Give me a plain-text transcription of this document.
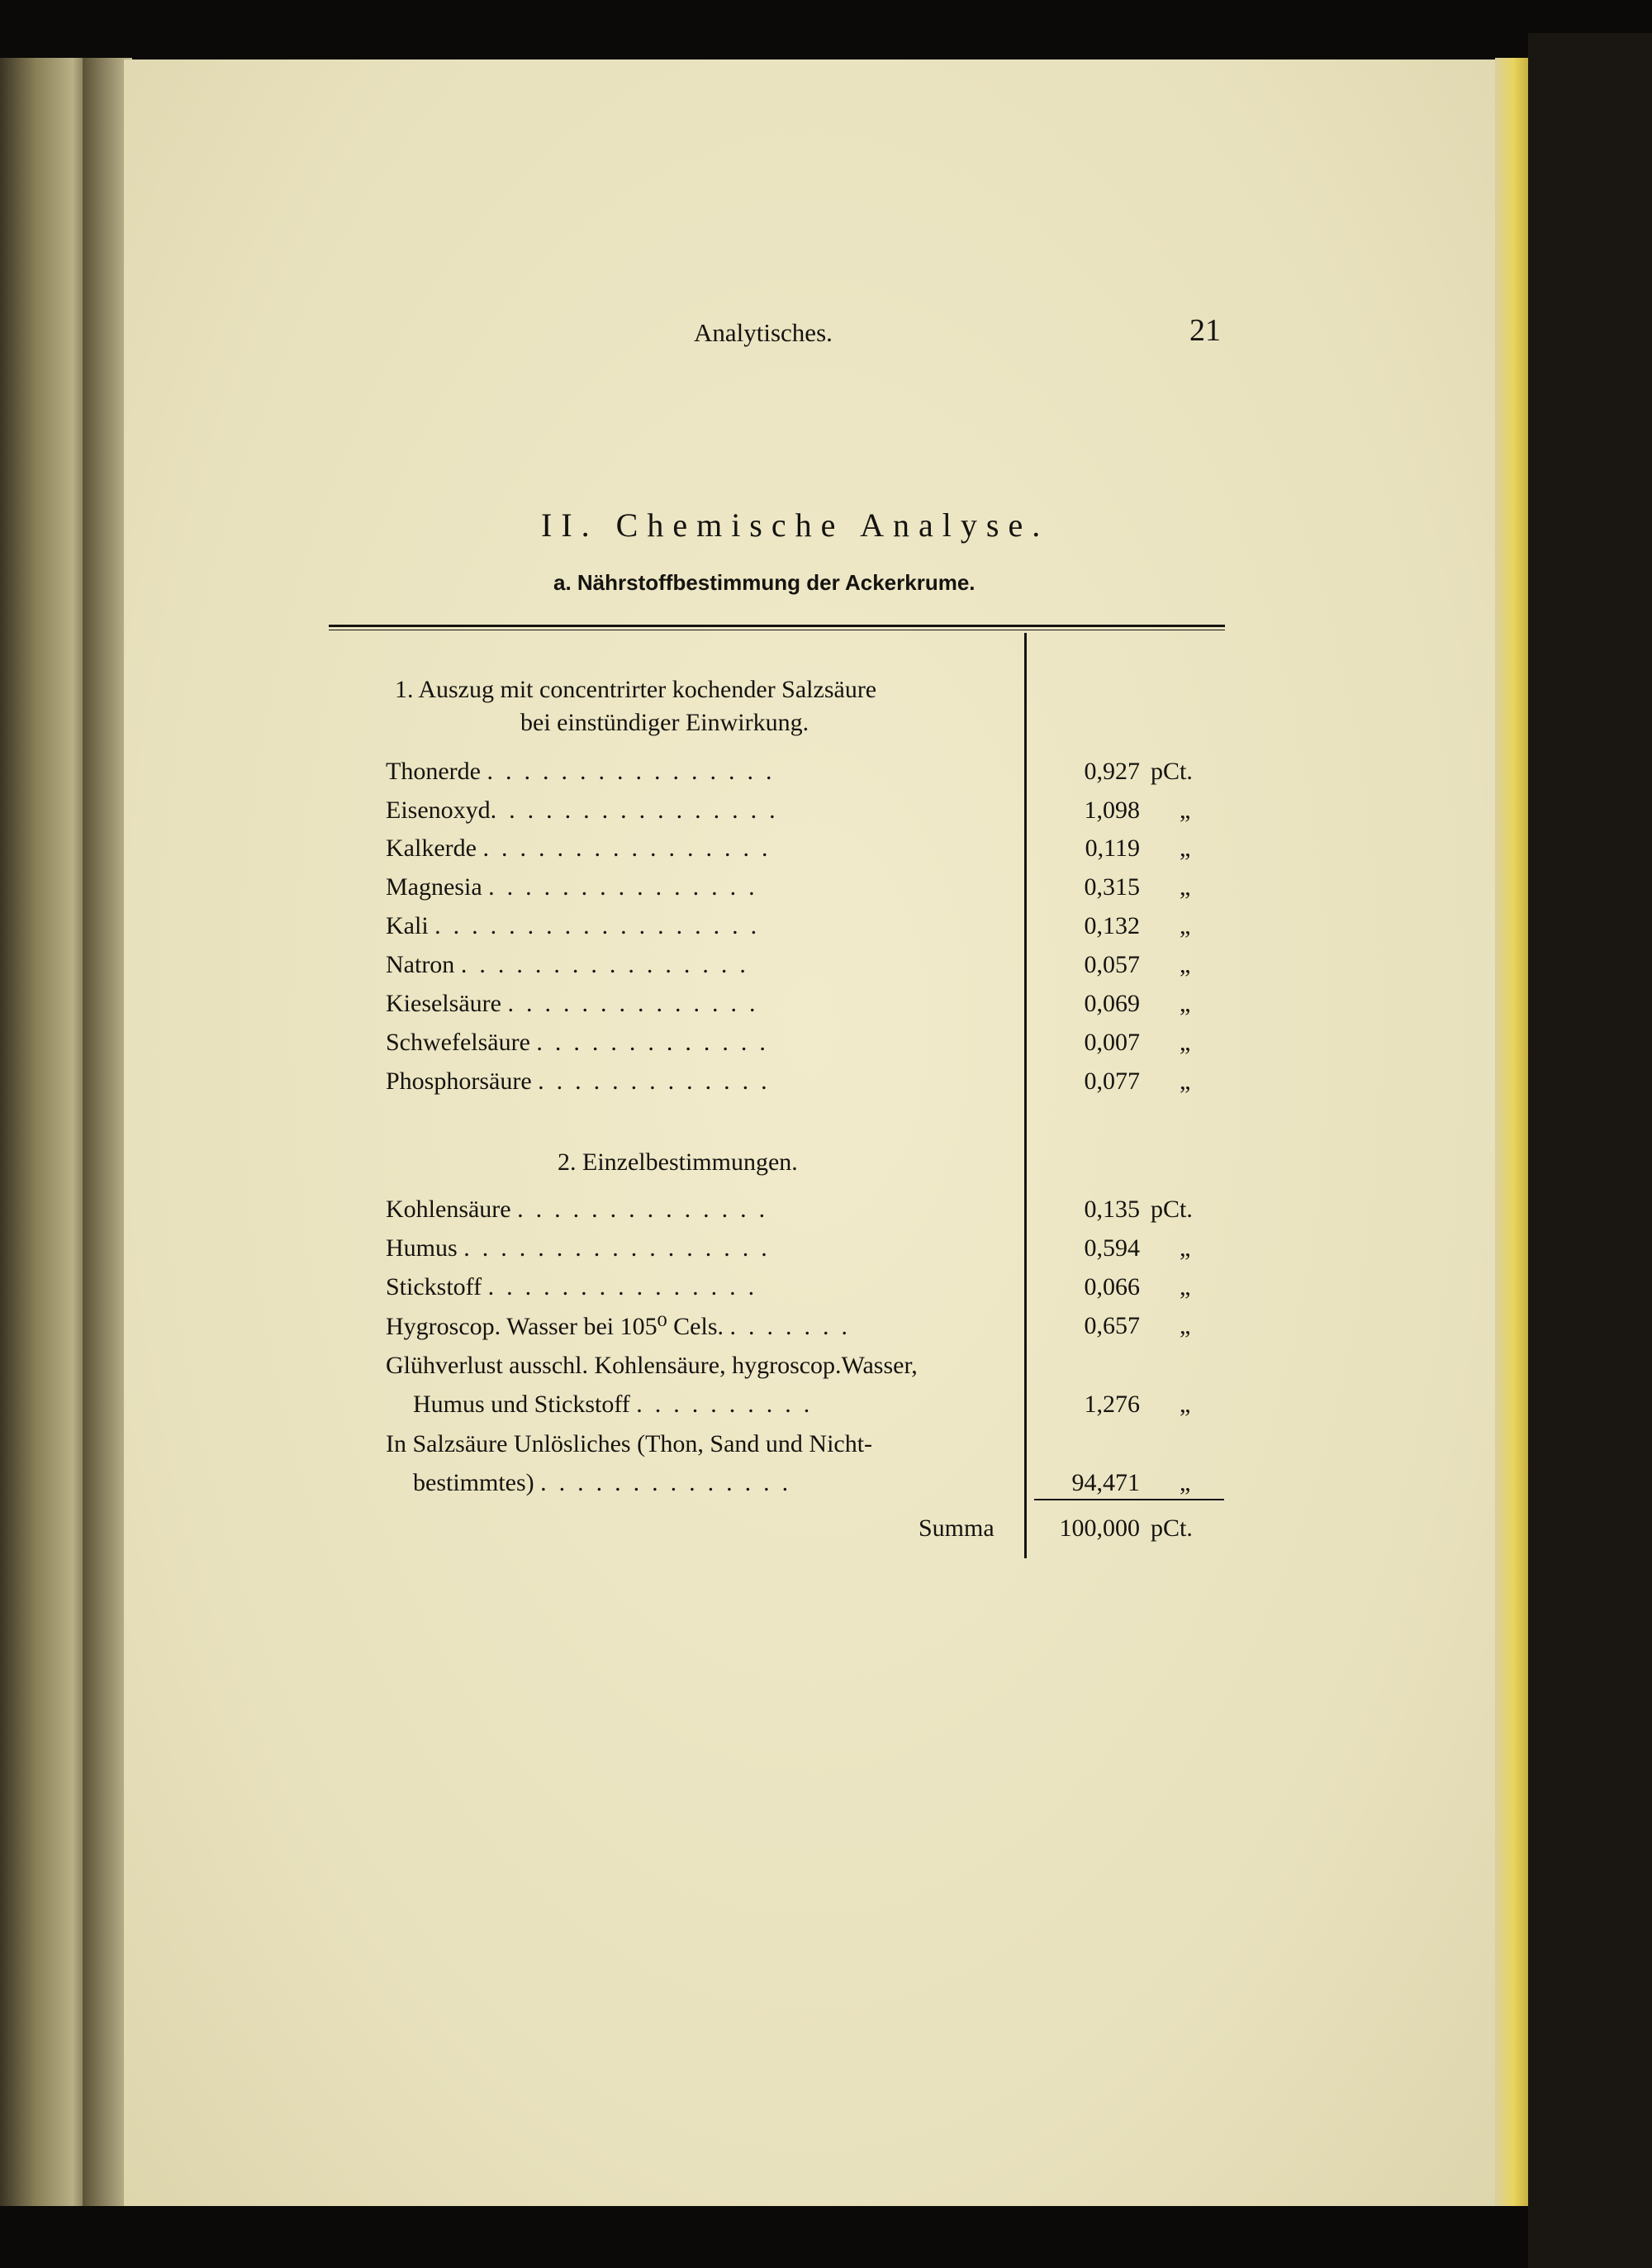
Analytisches.	21
II. Chemische Analyse.
a. Nährstoffbestimmung der Ackerkrume.
1. Auszug mit concentrirter kochender Salzsäure
bei einstündiger Einwirkung.
Thonerde ................	0,927 pCt.
Eisenoxyd................	1,098 „
Kalkerde ................	0,119 „
Magnesia ...............	0,315 „
Kali ..................	0,132 „
Natron ................	0,057 „
Kieselsäure ..............	0,069 „
Schwefelsäure .............	0,007 „
Phosphorsäure .............	0,077 „
2. Einzelbestimmungen.
Kohlensäure ..............	0,135 pCt.
Humus .................	0,594 „
Stickstoff ...............	0,066 „
Hygroscop. Wasser bei 105⁰ Cels. .......	0,657 „
Glühverlust ausschl. Kohlensäure, hygroscop.Wasser,
Humus und Stickstoff ..........	1,276 „
In Salzsäure Unlösliches (Thon, Sand und Nicht-
bestimmtes) ..............	94,471 „
Summa	100,000 pCt.
